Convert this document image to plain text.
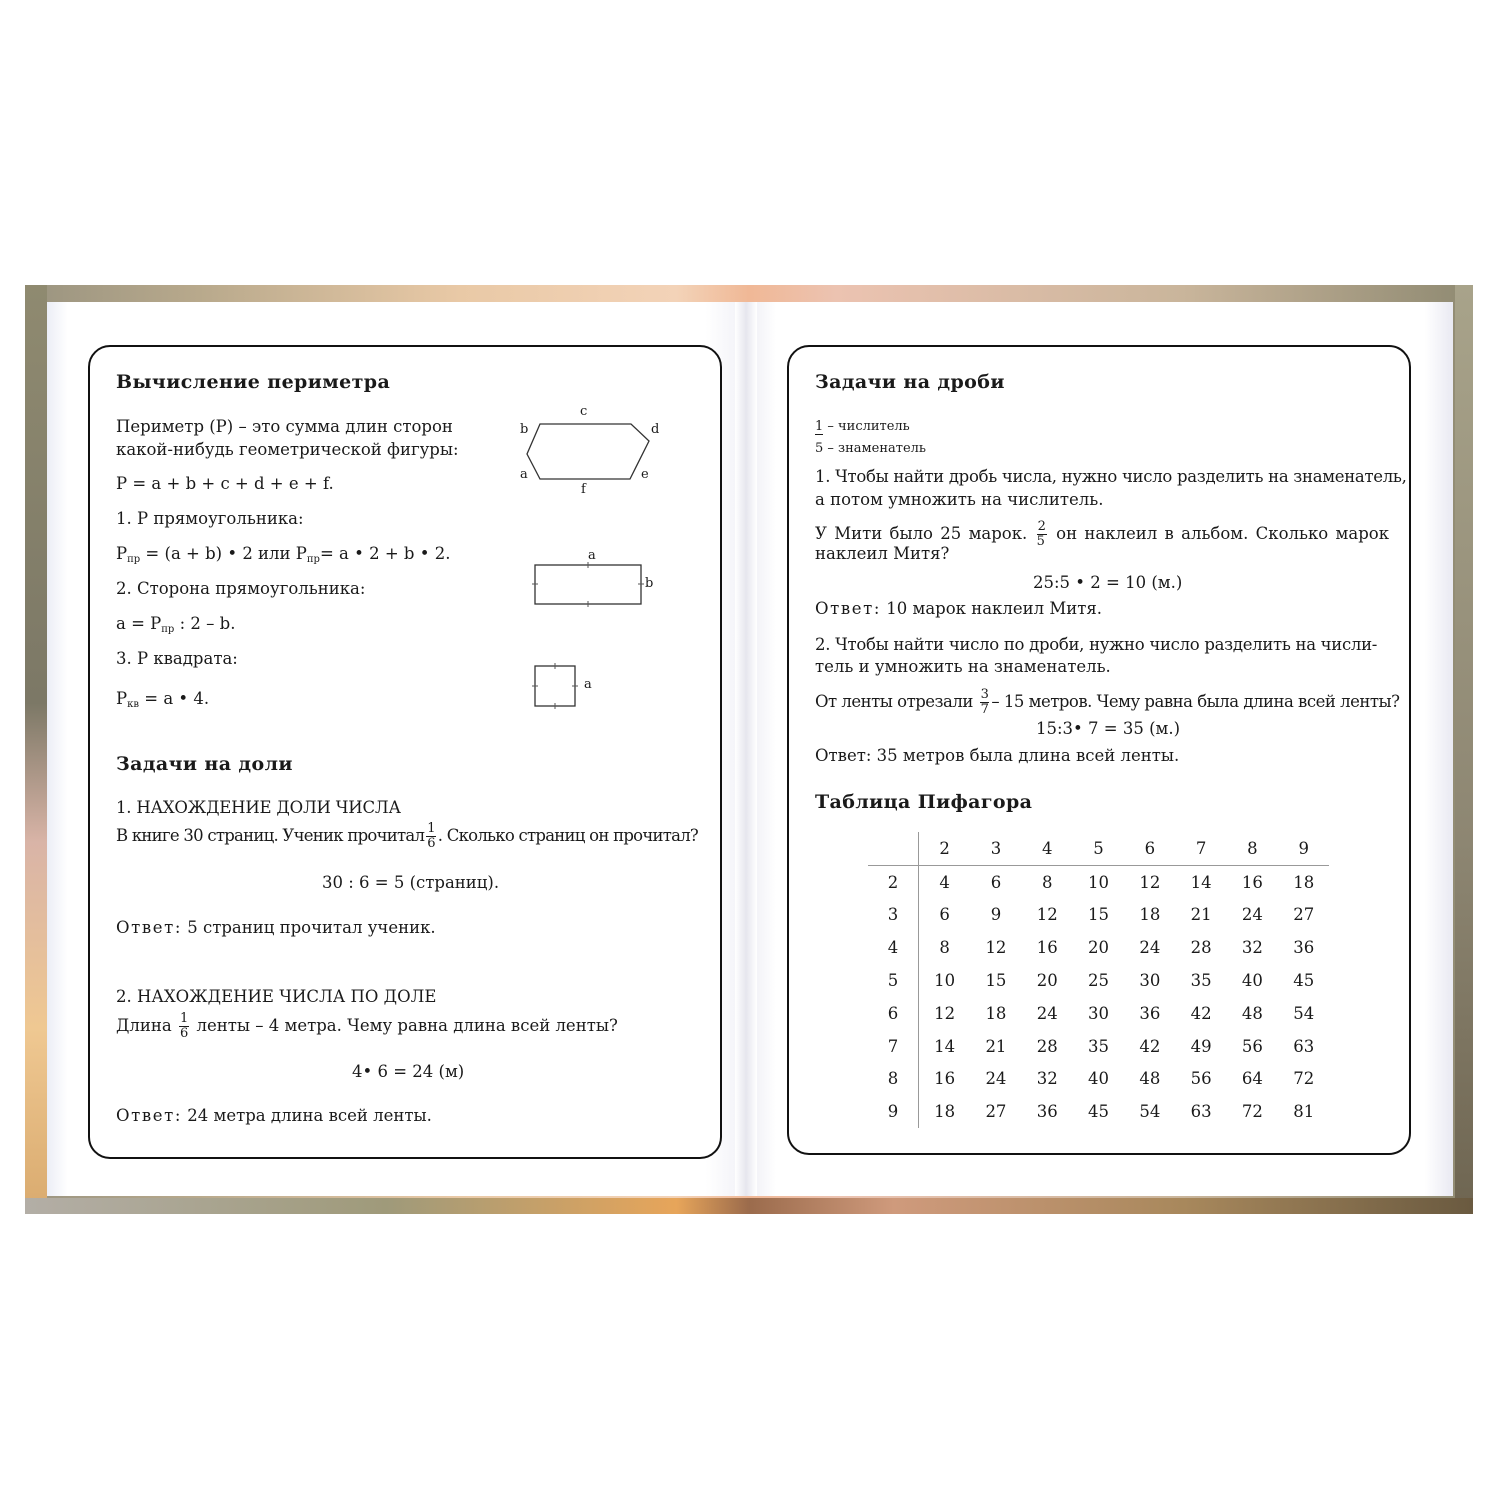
Вычисление периметра
Периметр (P) – это сумма длин сторон
какой-нибудь геометрической фигуры:
P = a + b + c + d + e + f.
1. P прямоугольника:
$P_{пр} = (a + b)$ • 2 или $P_{пр}= a$ • 2 + b • 2.
2. Сторона прямоугольника:
$a = P_{пр}$ : 2 – b.
3. P квадрата:
$P_{кв} = a$ • 4.
c
b	d
a	e
f
a
b
a
Задачи на доли
1. НАХОЖДЕНИЕ ДОЛИ ЧИСЛА
В книге 30 страниц. Ученик прочитал $\frac{1}{6}$ . Сколько страниц он прочитал?
30 : 6 = 5 (страниц).
Ответ: 5 страниц прочитал ученик.
2. НАХОЖДЕНИЕ ЧИСЛА ПО ДОЛЕ
Длина $\frac{1}{6}$ ленты – 4 метра. Чему равна длина всей ленты?
4• 6 = 24 (м)
Ответ: 24 метра длина всей ленты.
Задачи на дроби
1 – числитель
5 – знаменатель
1. Чтобы найти дробь числа, нужно число разделить на знаменатель,
а потом умножить на числитель.
У Мити было 25 марок. $\frac{2}{5}$ он наклеил в альбом. Сколько марок
наклеил Митя?
25:5 • 2 = 10 (м.)
Ответ: 10 марок наклеил Митя.
2. Чтобы найти число по дроби, нужно число разделить на числи-
тель и умножить на знаменатель.
От ленты отрезали $\frac{3}{7} - 15$ метров. Чему равна была длина всей ленты?
15:3• 7 = 35 (м.)
Ответ: 35 метров была длина всей ленты.
Таблица Пифагора
	2	3	4	5	6	7	8	9
2	4	6	8	10	12	14	16	18
3	6	9	12	15	18	21	24	27
4	8	12	16	20	24	28	32	36
5	10	15	20	25	30	35	40	45
6	12	18	24	30	36	42	48	54
7	14	21	28	35	42	49	56	63
8	16	24	32	40	48	56	64	72
9	18	27	36	45	54	63	72	81
